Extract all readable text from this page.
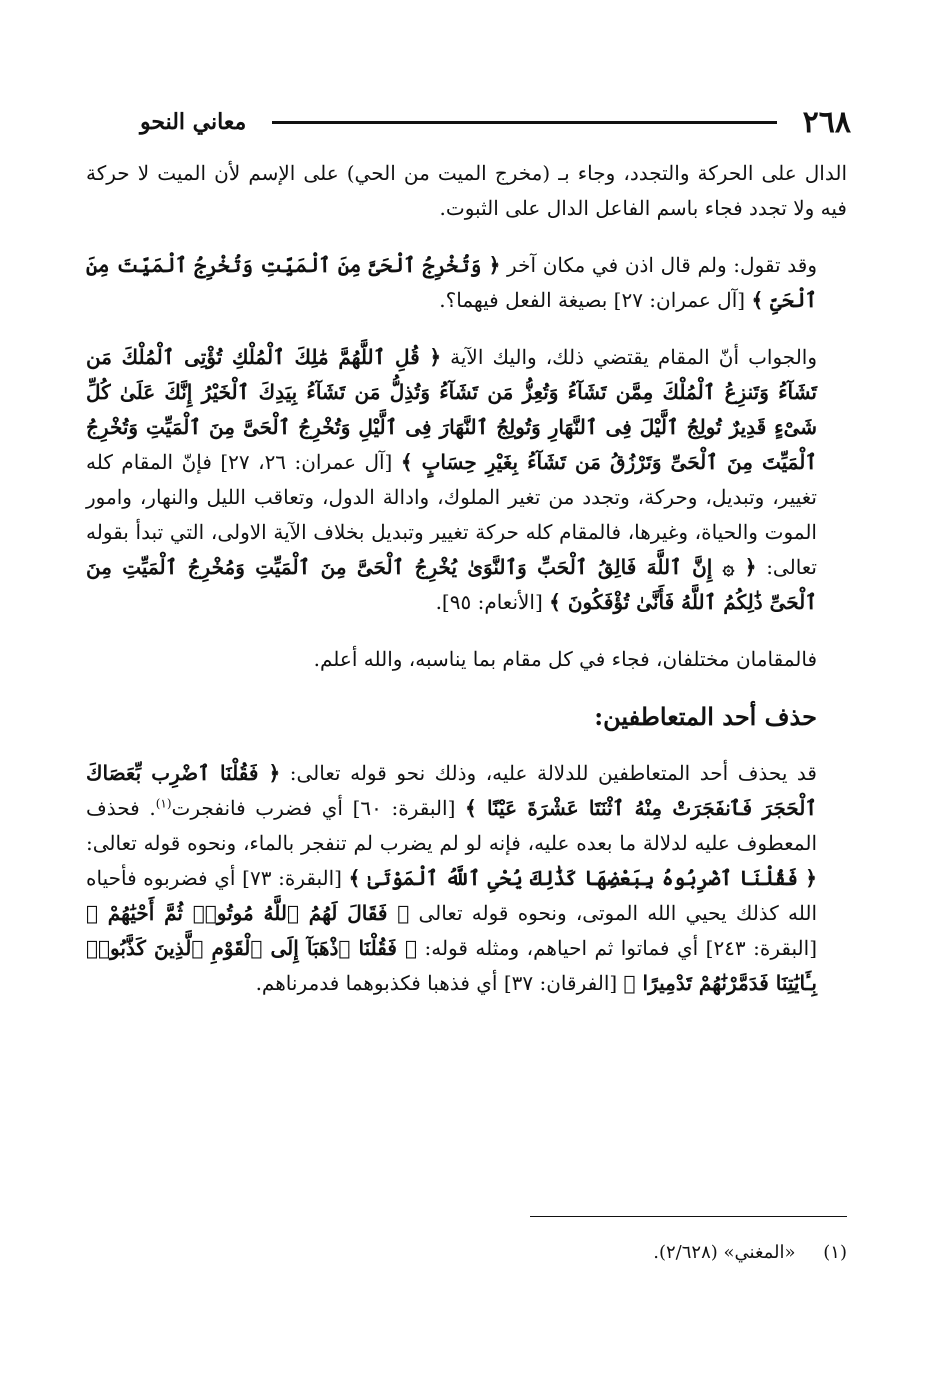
٢٦٨
معاني النحو

الدال على الحركة والتجدد، وجاء بـ (مخرج الميت من الحي) على الإسم لأن الميت لا حركة فيه ولا تجدد فجاء باسم الفاعل الدال على الثبوت.

وقد تقول: ولم قال اذن في مكان آخر ﴿ وَتُخْرِجُ ٱلْحَىَّ مِنَ ٱلْمَيِّتِ وَتُخْرِجُ ٱلْمَيِّتَ مِنَ ٱلْحَىِّ ﴾ [آل عمران: ٢٧] بصيغة الفعل فيهما؟.

والجواب أنّ المقام يقتضي ذلك، واليك الآية ﴿ قُلِ ٱللَّهُمَّ مَٰلِكَ ٱلْمُلْكِ تُؤْتِى ٱلْمُلْكَ مَن تَشَآءُ وَتَنزِعُ ٱلْمُلْكَ مِمَّن تَشَآءُ وَتُعِزُّ مَن تَشَآءُ وَتُذِلُّ مَن تَشَآءُ بِيَدِكَ ٱلْخَيْرُ إِنَّكَ عَلَىٰ كُلِّ شَىْءٍ قَدِيرٌ تُولِجُ ٱلَّيْلَ فِى ٱلنَّهَارِ وَتُولِجُ ٱلنَّهَارَ فِى ٱلَّيْلِ وَتُخْرِجُ ٱلْحَىَّ مِنَ ٱلْمَيِّتِ وَتُخْرِجُ ٱلْمَيِّتَ مِنَ ٱلْحَىِّ وَتَرْزُقُ مَن تَشَآءُ بِغَيْرِ حِسَابٍ ﴾ [آل عمران: ٢٦، ٢٧] فإنّ المقام كله تغيير، وتبديل، وحركة، وتجدد من تغير الملوك، وادالة الدول، وتعاقب الليل والنهار، وامور الموت والحياة، وغيرها، فالمقام كله حركة تغيير وتبديل بخلاف الآية الاولى، التي تبدأ بقوله تعالى: ﴿ ۞ إِنَّ ٱللَّهَ فَالِقُ ٱلْحَبِّ وَٱلنَّوَىٰ يُخْرِجُ ٱلْحَىَّ مِنَ ٱلْمَيِّتِ وَمُخْرِجُ ٱلْمَيِّتِ مِنَ ٱلْحَىِّ ذَٰلِكُمُ ٱللَّهُ فَأَنَّىٰ تُؤْفَكُونَ ﴾ [الأنعام: ٩٥].

فالمقامان مختلفان، فجاء في كل مقام بما يناسبه، والله أعلم.

حذف أحد المتعاطفين:

قد يحذف أحد المتعاطفين للدلالة عليه، وذلك نحو قوله تعالى: ﴿ فَقُلْنَا ٱضْرِب بِّعَصَاكَ ٱلْحَجَرَ فَٱنفَجَرَتْ مِنْهُ ٱثْنَتَا عَشْرَةَ عَيْنًا ﴾ [البقرة: ٦٠] أي فضرب فانفجرت$^{(١)}$. فحذف المعطوف عليه لدلالة ما بعده عليه، فإنه لو لم يضرب لم تنفجر بالماء، ونحوه قوله تعالى: ﴿ فَقُلْنَا ٱضْرِبُوهُ بِبَعْضِهَا كَذَٰلِكَ يُحْىِ ٱللَّهُ ٱلْمَوْتَىٰ ﴾ [البقرة: ٧٣] أي فضربوه فأحياه الله كذلك يحيي الله الموتى، ونحوه قوله تعالى ﴿ فَقَالَ لَهُمُ ٱللَّهُ مُوتُوا۟ ثُمَّ أَحْيَٰهُمْ ﴾ [البقرة: ٢٤٣] أي فماتوا ثم احياهم، ومثله قوله: ﴿ فَقُلْنَا ٱذْهَبَآ إِلَى ٱلْقَوْمِ ٱلَّذِينَ كَذَّبُوا۟ بِـَٔايَٰتِنَا فَدَمَّرْنَٰهُمْ تَدْمِيرًا ﴾ [الفرقان: ٣٧] أي فذهبا فكذبوهما فدمرناهم.

(١) «المغني» (٢/٦٢٨).
